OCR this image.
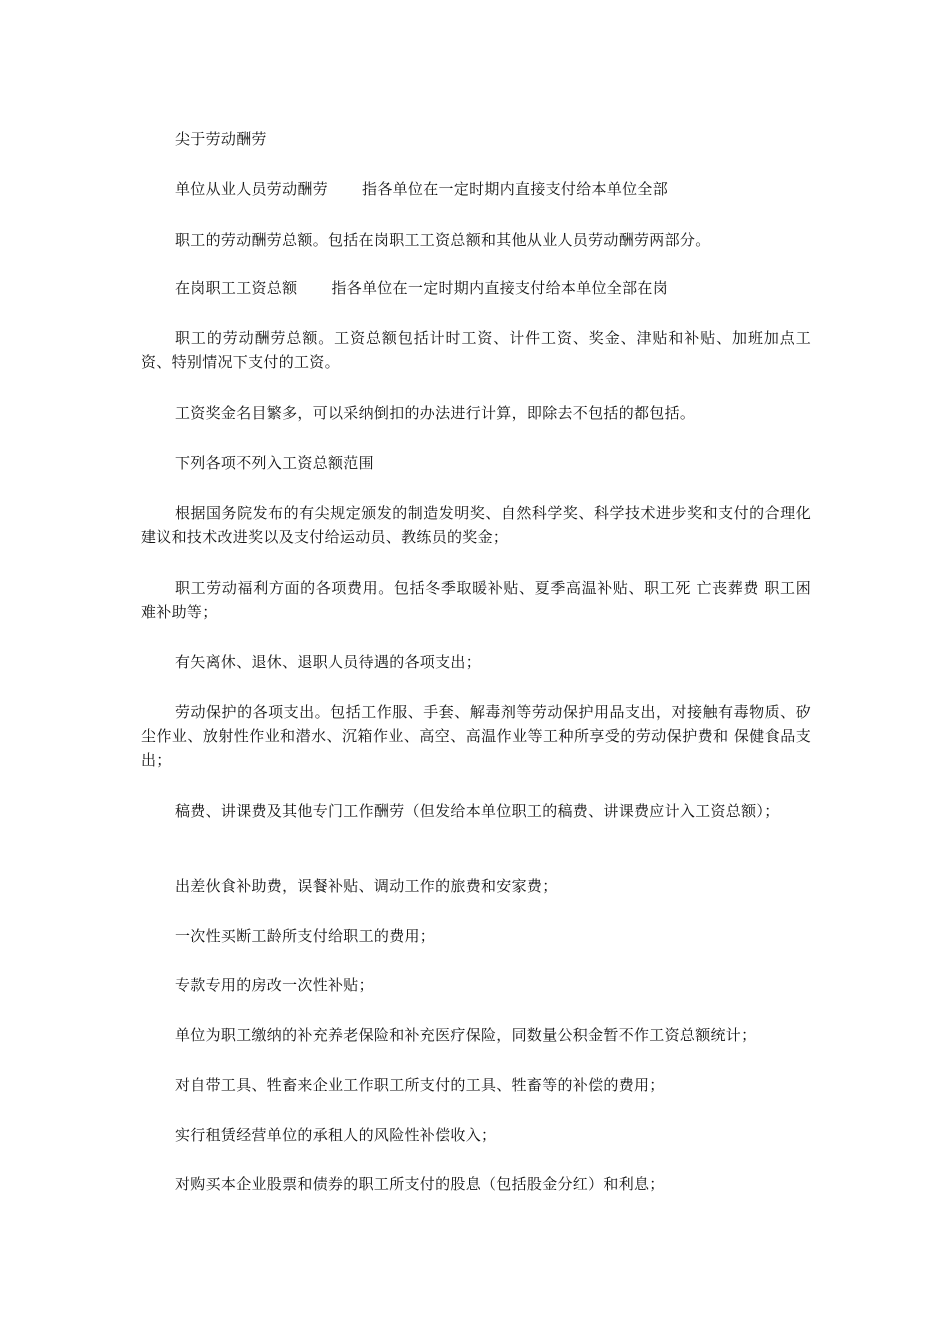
尖于劳动酬劳

单位从业人员劳动酬劳 指各单位在一定时期内直接支付给本单位全部

职工的劳动酬劳总额。包括在岗职工工资总额和其他从业人员劳动酬劳两部分。

在岗职工工资总额 指各单位在一定时期内直接支付给本单位全部在岗

职工的劳动酬劳总额。工资总额包括计时工资、计件工资、奖金、津贴和补贴、加班加点工 资、特别情况下支付的工资。

工资奖金名目繁多，可以采纳倒扣的办法进行计算，即除去不包括的都包括。

下列各项不列入工资总额范围

根据国务院发布的有尖规定颁发的制造发明奖、自然科学奖、科学技术进步奖和支付的合理化建议和技术改进奖以及支付给运动员、教练员的奖金；

职工劳动福利方面的各项费用。包括冬季取暖补贴、夏季高温补贴、职工死 亡丧葬费 职工困难补助等；

有矢离休、退休、退职人员待遇的各项支出；

劳动保护的各项支出。包括工作服、手套、解毒剂等劳动保护用品支出，对接触有毒物质、矽尘作业、放射性作业和潜水、沉箱作业、高空、高温作业等工种所享受的劳动保护费和 保健食品支出；

稿费、讲课费及其他专门工作酬劳（但发给本单位职工的稿费、讲课费应计入工资总额）；

出差伙食补助费，误餐补贴、调动工作的旅费和安家费；

一次性买断工龄所支付给职工的费用；

专款专用的房改一次性补贴；

单位为职工缴纳的补充养老保险和补充医疗保险，同数量公积金暂不作工资总额统计；

对自带工具、牲畜来企业工作职工所支付的工具、牲畜等的补偿的费用；

实行租赁经营单位的承租人的风险性补偿收入；

对购买本企业股票和债券的职工所支付的股息（包括股金分红）和利息；
